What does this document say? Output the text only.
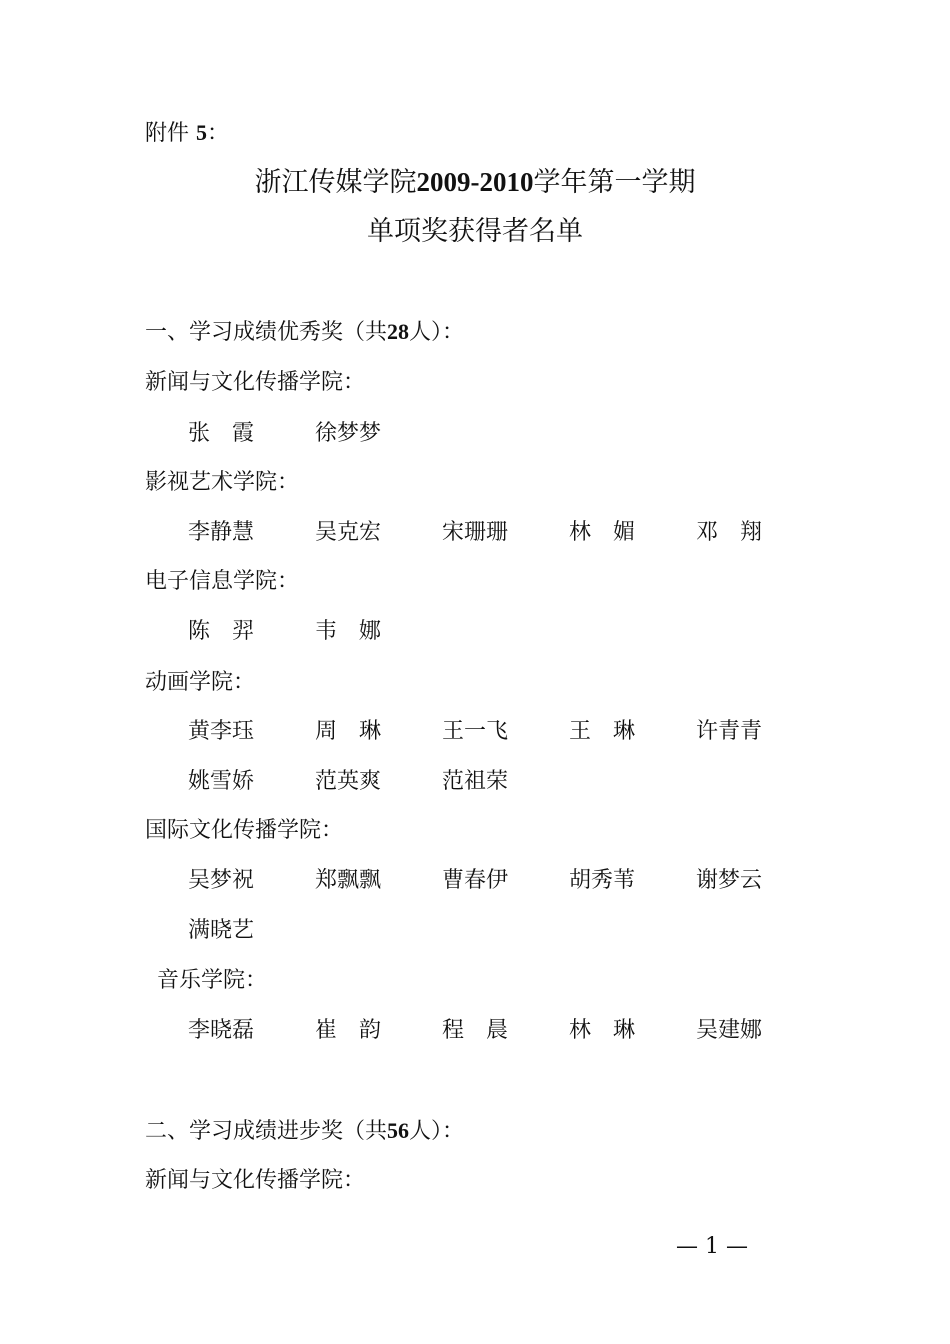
附件 5：
浙江传媒学院2009-2010学年第一学期
单项奖获得者名单
一、学习成绩优秀奖（共28人）：
新闻与文化传播学院：
张　霞	徐梦梦
影视艺术学院：
李静慧	吴克宏	宋珊珊	林　媚	邓　翔
电子信息学院：
陈　羿	韦　娜
动画学院：
黄李珏	周　琳	王一飞	王　琳	许青青
姚雪娇	范英爽	范祖荣
国际文化传播学院：
吴梦祝	郑飘飘	曹春伊	胡秀苇	谢梦云
满晓艺
音乐学院：
李晓磊	崔　韵	程　晨	林　琳	吴建娜
二、学习成绩进步奖（共56人）：
新闻与文化传播学院：
— 1 —
